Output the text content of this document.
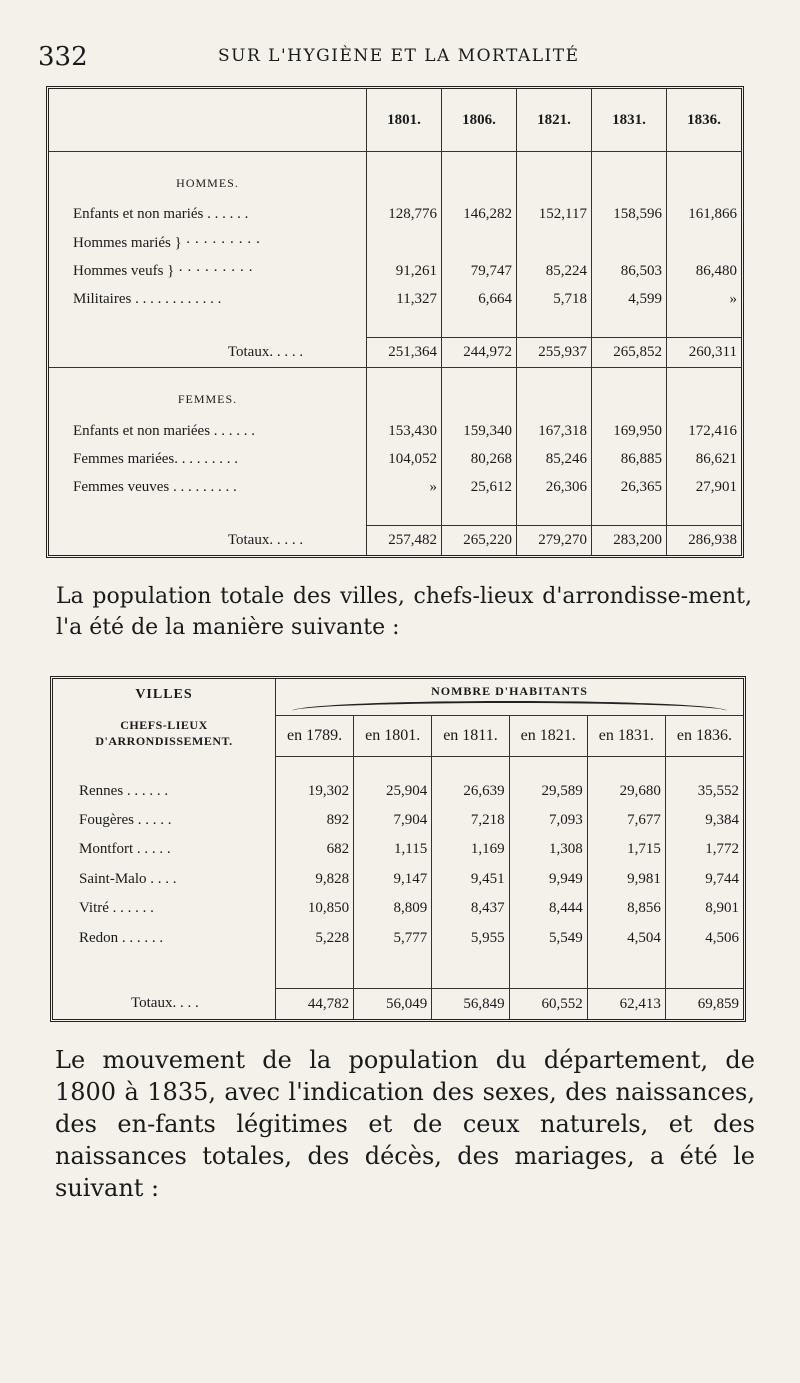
332	SUR L'HYGIÈNE ET LA MORTALITÉ
	1801.	1806.	1821.	1831.	1836.
HOMMES.					
Enfants et non mariés . . . . . .	128,776	146,282	152,117	158,596	161,866
Hommes mariés } · · · · · · · · ·					
Hommes veufs } · · · · · · · · ·	91,261	79,747	85,224	86,503	86,480
Militaires . . . . . . . . . . . .	11,327	6,664	5,718	4,599	»

Totaux. . . . .	251,364	244,972	255,937	265,852	260,311
FEMMES.					
Enfants et non mariées . . . . . .	153,430	159,340	167,318	169,950	172,416
Femmes mariées. . . . . . . . .	104,052	80,268	85,246	86,885	86,621
Femmes veuves . . . . . . . . .	»	25,612	26,306	26,365	27,901

Totaux. . . . .	257,482	265,220	279,270	283,200	286,938
La population totale des villes, chefs-lieux d'arrondisse-ment, l'a été de la manière suivante :
VILLES
CHEFS-LIEUX
D'ARRONDISSEMENT.	NOMBRE D'HABITANTS					

	en 1789.	en 1801.	en 1811.	en 1821.	en 1831.	en 1836.

Rennes . . . . . .	19,302	25,904	26,639	29,589	29,680	35,552
Fougères . . . . .	892	7,904	7,218	7,093	7,677	9,384
Montfort . . . . .	682	1,115	1,169	1,308	1,715	1,772
Saint-Malo . . . .	9,828	9,147	9,451	9,949	9,981	9,744
Vitré . . . . . .	10,850	8,809	8,437	8,444	8,856	8,901
Redon . . . . . .	5,228	5,777	5,955	5,549	4,504	4,506

Totaux. . . .	44,782	56,049	56,849	60,552	62,413	69,859
Le mouvement de la population du département, de 1800 à 1835, avec l'indication des sexes, des naissances, des en-fants légitimes et de ceux naturels, et des naissances totales, des décès, des mariages, a été le suivant :
